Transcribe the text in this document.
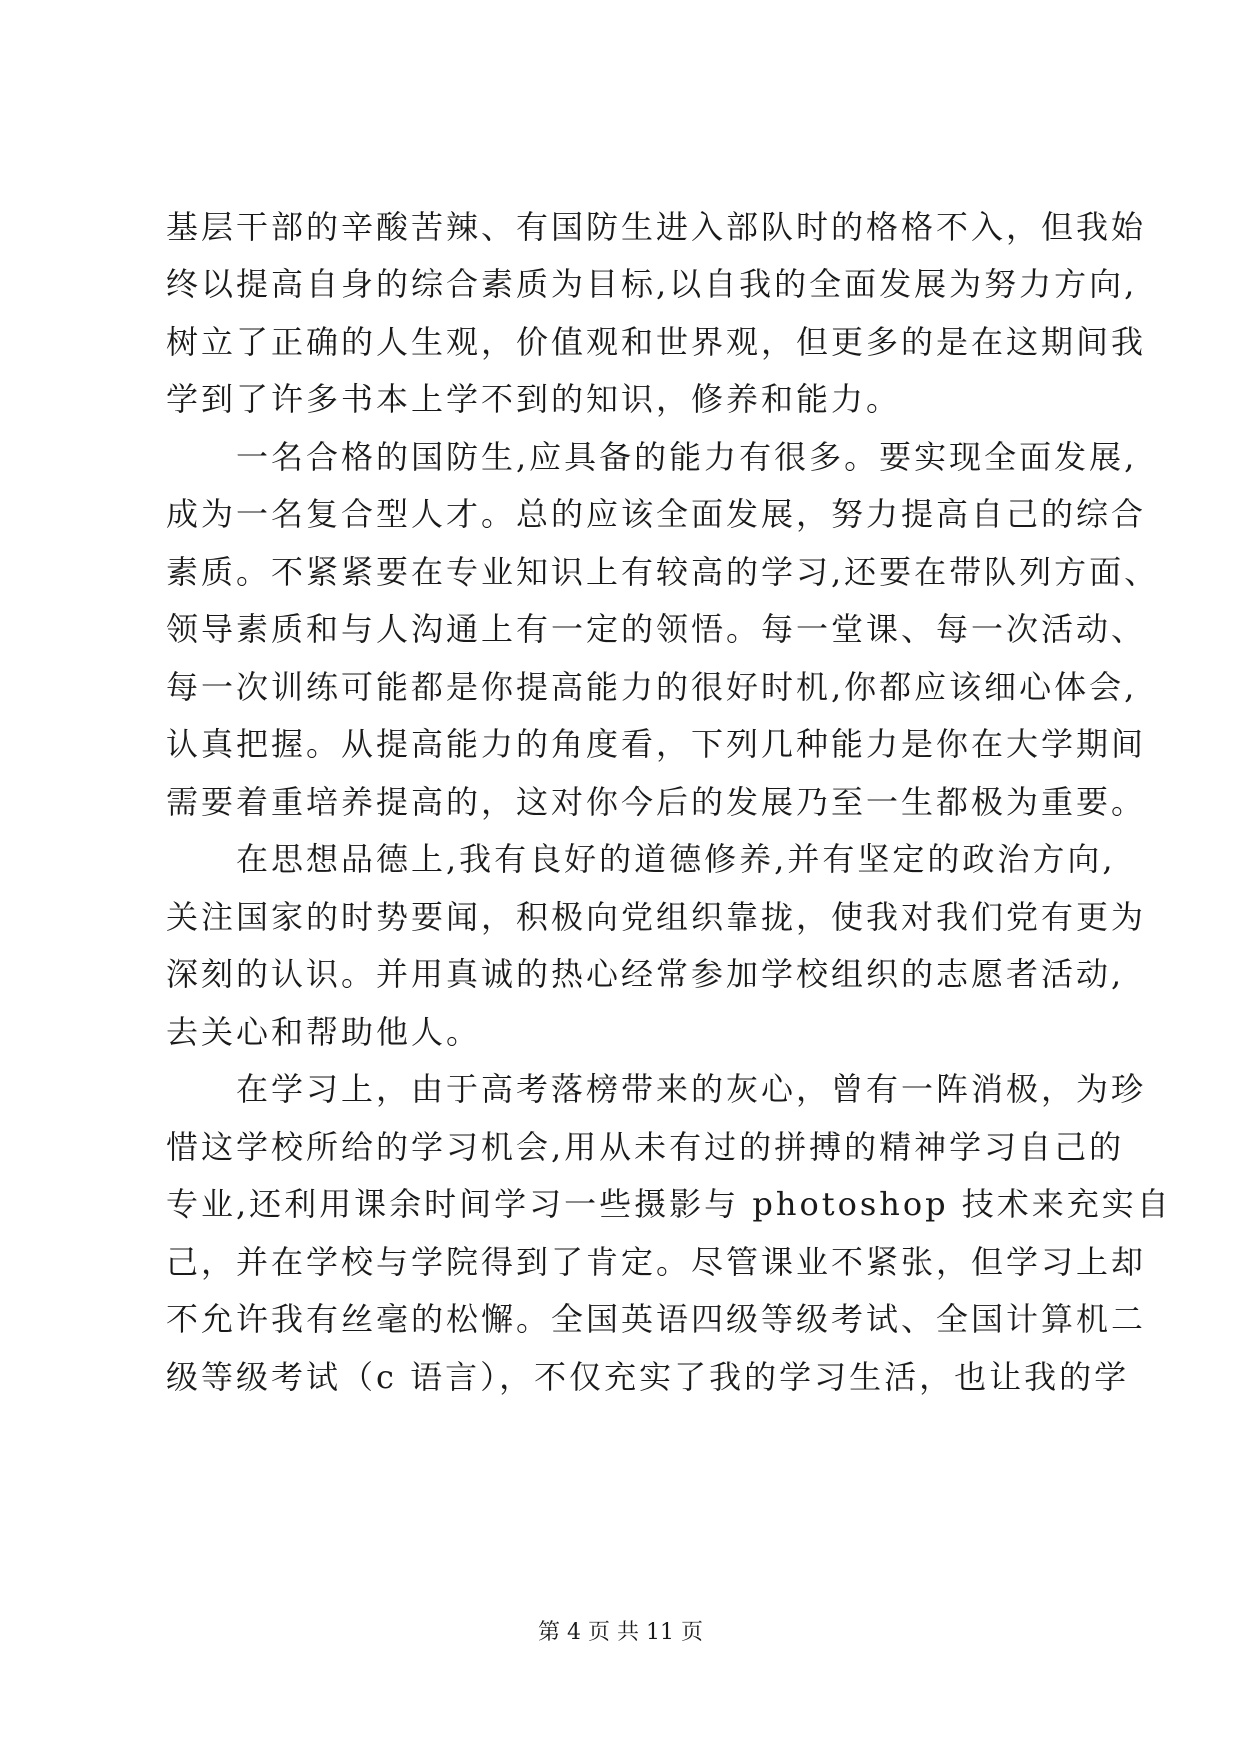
基层干部的辛酸苦辣、有国防生进入部队时的格格不入，但我始
终以提高自身的综合素质为目标,以自我的全面发展为努力方向,
树立了正确的人生观，价值观和世界观，但更多的是在这期间我
学到了许多书本上学不到的知识，修养和能力。
　　一名合格的国防生,应具备的能力有很多。要实现全面发展,
成为一名复合型人才。总的应该全面发展，努力提高自己的综合
素质。不紧紧要在专业知识上有较高的学习,还要在带队列方面、
领导素质和与人沟通上有一定的领悟。每一堂课、每一次活动、
每一次训练可能都是你提高能力的很好时机,你都应该细心体会,
认真把握。从提高能力的角度看，下列几种能力是你在大学期间
需要着重培养提高的，这对你今后的发展乃至一生都极为重要。
　　在思想品德上,我有良好的道德修养,并有坚定的政治方向,
关注国家的时势要闻，积极向党组织靠拢，使我对我们党有更为
深刻的认识。并用真诚的热心经常参加学校组织的志愿者活动,
去关心和帮助他人。
　　在学习上，由于高考落榜带来的灰心，曾有一阵消极，为珍
惜这学校所给的学习机会,用从未有过的拼搏的精神学习自己的
专业,还利用课余时间学习一些摄影与 photoshop 技术来充实自
己，并在学校与学院得到了肯定。尽管课业不紧张，但学习上却
不允许我有丝毫的松懈。全国英语四级等级考试、全国计算机二
级等级考试（c 语言），不仅充实了我的学习生活，也让我的学
第 4 页 共 11 页
